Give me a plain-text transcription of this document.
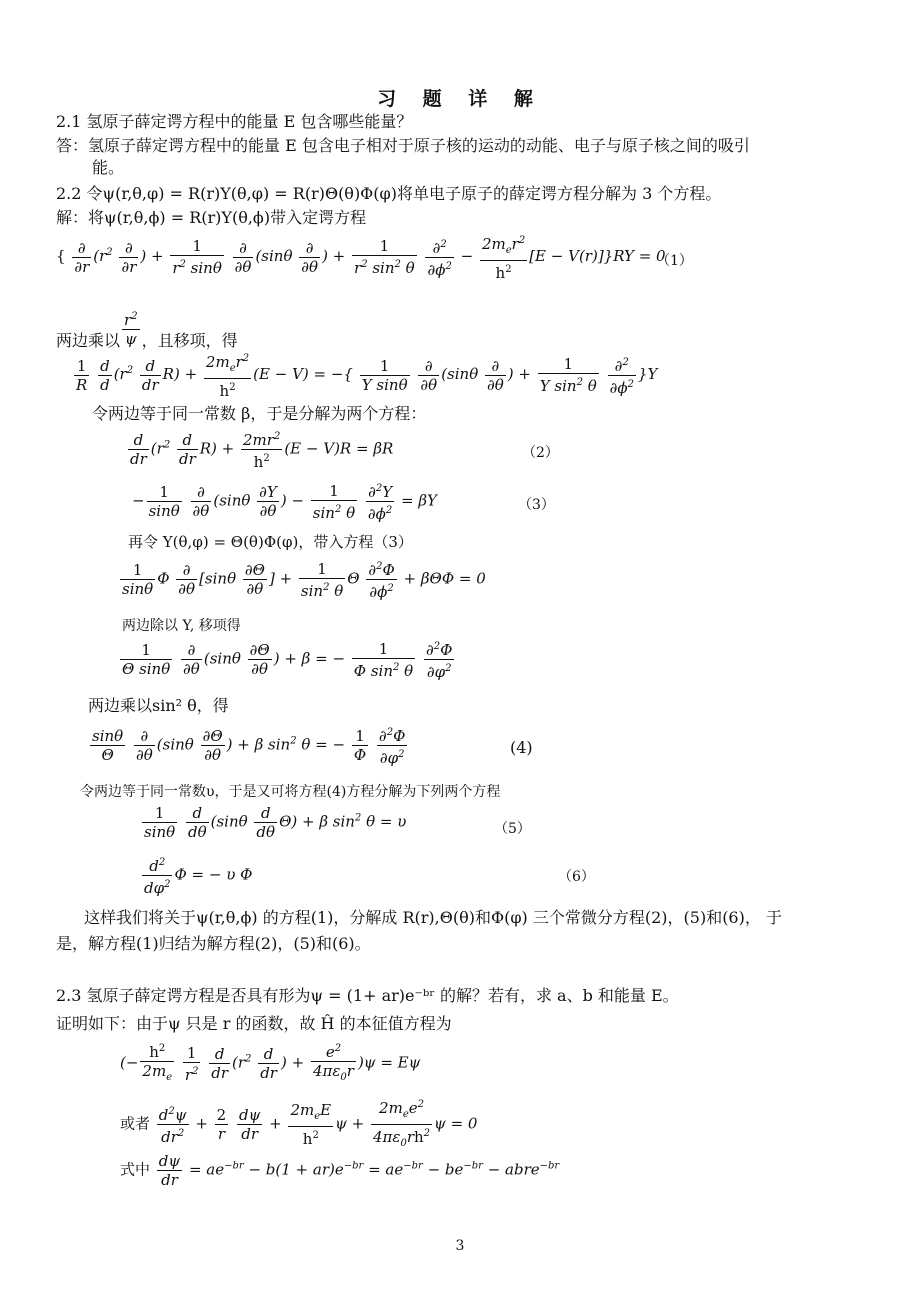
习 题 详 解
2.1 氢原子薛定谔方程中的能量 E 包含哪些能量？
答：氢原子薛定谔方程中的能量 E 包含电子相对于原子核的运动的动能、电子与原子核之间的吸引
能。
2.2 令ψ(r,θ,φ) = R(r)Y(θ,φ) = R(r)Θ(θ)Φ(φ)将单电子原子的薛定谔方程分解为 3 个方程。
解：将ψ(r,θ,ϕ) = R(r)Y(θ,ϕ)带入定谔方程
{ $\frac{\partial}{\partial r} (r^2 \frac{\partial}{\partial r}$ ) + $\frac{1}{r^2 \sin\theta}$
$\frac{\partial}{\partial\theta} (\sin\theta \frac{\partial}{\partial\theta}$ ) + $\frac{1}{r^2 \sin^2 \theta}$
$\frac{\partial^2}{\partial\phi^2} - \frac{2m_er^2}{h^2} [E - V(r)]\}RY = 0$
（1）
两边乘以 $\frac{r^2}{\psi}$ ，且移项，得
$\frac{1}{R}$
$\frac{d}{d} (r^2 \frac{d}{dr} R) + \frac{2m_er^2}{h^2} (E - V)$ = −{ $\frac{1}{\text{Y sinθ}}$
$\frac{\partial}{\partial\theta} (\sin\theta \frac{\partial}{\partial\theta}$ ) + $\frac{1}{Y \sin^2 \theta}$
$\frac{\partial^2}{\partial\phi^2} \}Y$
令两边等于同一常数 β，于是分解为两个方程：
$\frac{d}{dr} (r^2 \frac{d}{dr} R) + \frac{2mr^2}{h^2} (E - V)R = \beta R$	（2）
− $\frac{1}{\sin\theta}$
$\frac{\partial}{\partial\theta} (\sin\theta \frac{\partial Y}{\partial\theta}$ ) − $\frac{1}{\sin^2 \theta}$
$\frac{\partial^2Y}{\partial\phi^2} = \beta Y$	（3）
再令 Y(θ,φ) = Θ(θ)Φ(φ)，带入方程（3）
$\frac{1}{\sin\theta}$ Φ $\frac{\partial}{\partial\theta} [\sin\theta \frac{\partial\Theta}{\partial\theta}$ ] + $\frac{1}{\sin^2 \theta}$ Θ $\frac{\partial^2\Phi}{\partial\phi^2} + \beta\Theta\Phi = 0$
两边除以 Y, 移项得
$\frac{1}{\text{Θ sinθ}}$
$\frac{\partial}{\partial\theta} (\sin\theta \frac{\partial\Theta}{\partial\theta}$ ) + β = − $\frac{1}{\Phi \sin^2 \theta}$
$\frac{\partial^2\Phi}{\partial\varphi^2}$
两边乘以sin² θ，得
$\frac{\sin\theta}{\Theta}$
$\frac{\partial}{\partial\theta} (\sin\theta \frac{\partial\Theta}{\partial\theta}$ ) + β $\sin^2 \theta$ = − $\frac{1}{\Phi}$
$\frac{\partial^2\Phi}{\partial\varphi^2}$	(4)
令两边等于同一常数υ，于是又可将方程(4)方程分解为下列两个方程
$\frac{1}{\sin\theta}$
$\frac{d}{d\theta} (\sin\theta \frac{d}{d\theta} \Theta) + \beta$ $\sin^2 \theta = \upsilon$	（5）
$\frac{d^2}{d\varphi^2}$ Φ = − υ Φ	（6）
这样我们将关于ψ(r,θ,ϕ) 的方程(1)，分解成 R(r),Θ(θ)和Φ(φ) 三个常微分方程(2)，(5)和(6)， 于
是，解方程(1)归结为解方程(2)，(5)和(6)。
2.3 氢原子薛定谔方程是否具有形为ψ = (1+ ar)e⁻ᵇʳ 的解？若有，求 a、b 和能量 E。
证明如下：由于ψ 只是 r 的函数，故 Ĥ 的本征值方程为
(− $\frac{h^2}{2m_e}$
$\frac{1}{r^2}$
$\frac{d}{dr} (r^2 \frac{d}{dr}$ ) + $\frac{e^2}{4\pi\varepsilon_0r} )\psi = E\psi$
或者 $\frac{d^2\psi}{dr^2} + \frac{2}{r}$
$\frac{d\psi}{dr} + \frac{2m_eE}{h^2}$ $\psi + \frac{2m_ee^2}{4\pi\varepsilon_0rh^2}$ ψ = 0
式中 $\frac{d\psi}{dr} = ae^{-br} - b(1 + ar)e^{-br} = ae^{-br} - be^{-br}$ − abre$^{-br}$
3
